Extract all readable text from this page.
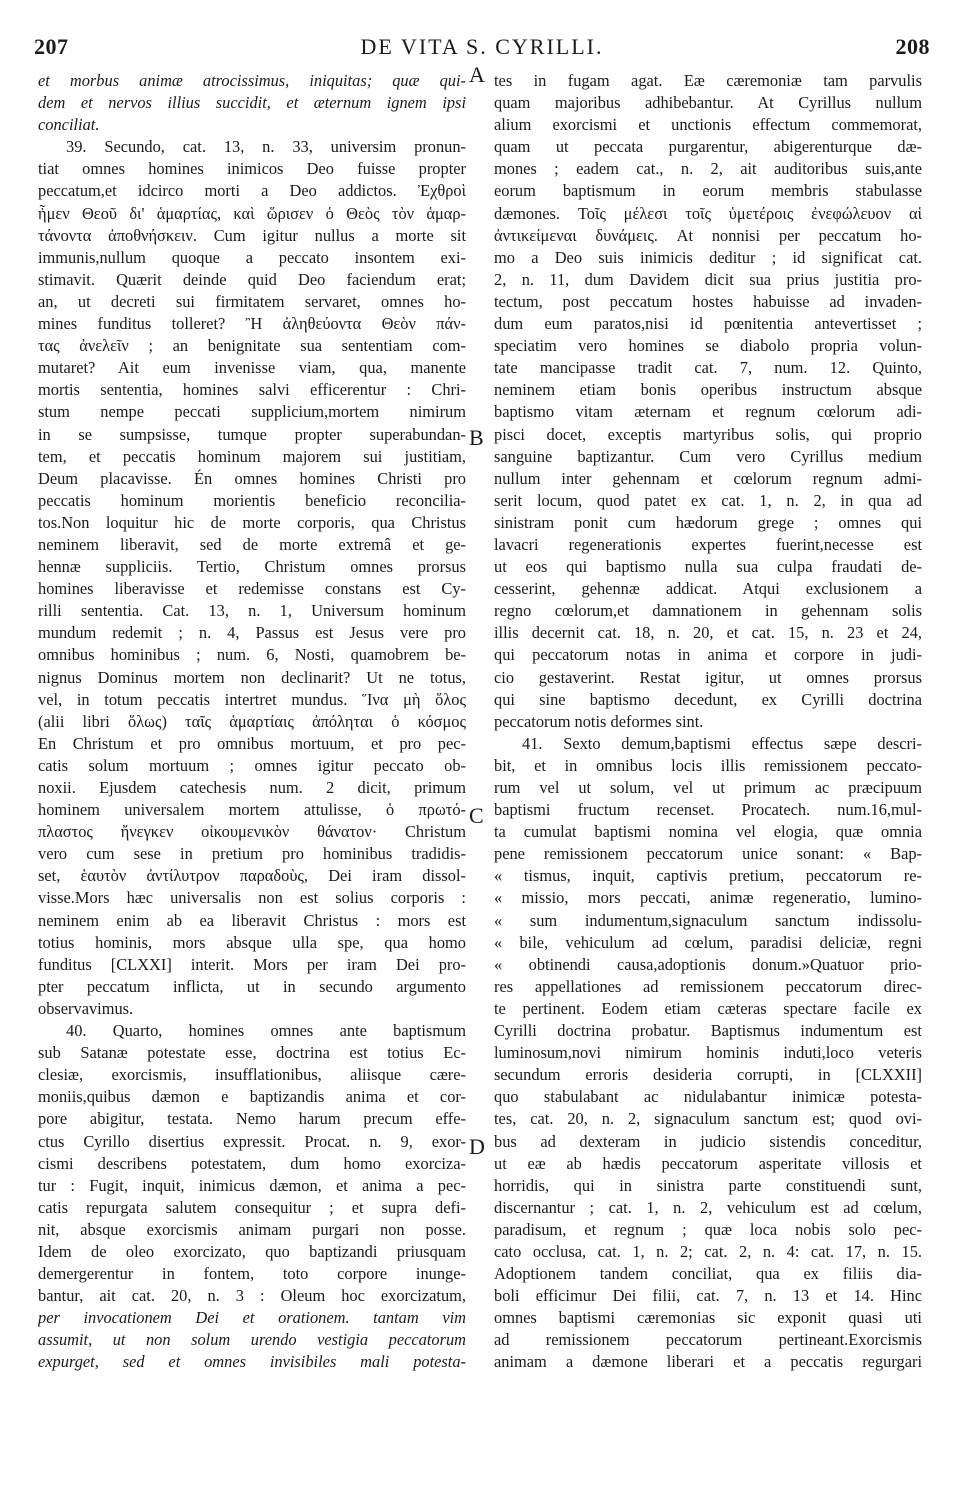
207	DE VITA S. CYRILLI.	208
A
B
C
D
et morbus animæ atrocissimus, iniquitas; quæ qui-
dem et nervos illius succidit, et æternum ignem ipsi
conciliat.
39. Secundo, cat. 13, n. 33, universim pronun-
tiat omnes homines inimicos Deo fuisse propter
peccatum,et idcirco morti a Deo addictos. Ἐχθροὶ
ἦμεν Θεοῦ δι' ἁμαρτίας, καὶ ὥρισεν ὁ Θεὸς τὸν ἁμαρ-
τάνοντα ἀποθνήσκειν. Cum igitur nullus a morte sit
immunis,nullum quoque a peccato insontem exi-
stimavit. Quærit deinde quid Deo faciendum erat;
an, ut decreti sui firmitatem servaret, omnes ho-
mines funditus tolleret? Ἢ ἀληθεύοντα Θεὸν πάν-
τας ἀνελεῖν ; an benignitate sua sententiam com-
mutaret? Ait eum invenisse viam, qua, manente
mortis sententia, homines salvi efficerentur : Chri-
stum nempe peccati supplicium,mortem nimirum
in se sumpsisse, tumque propter superabundan-
tem, et peccatis hominum majorem sui justitiam,
Deum placavisse. Én omnes homines Christi pro
peccatis hominum morientis beneficio reconcilia-
tos.Non loquitur hic de morte corporis, qua Christus
neminem liberavit, sed de morte extremâ et ge-
hennæ suppliciis. Tertio, Christum omnes prorsus
homines liberavisse et redemisse constans est Cy-
rilli sententia. Cat. 13, n. 1, Universum hominum
mundum redemit ; n. 4, Passus est Jesus vere pro
omnibus hominibus ; num. 6, Nosti, quamobrem be-
nignus Dominus mortem non declinarit? Ut ne totus,
vel, in totum peccatis intertret mundus. Ἵνα μὴ ὅλος
(alii libri ὅλως) ταῖς ἁμαρτίαις ἀπόληται ὁ κόσμος
En Christum et pro omnibus mortuum, et pro pec-
catis solum mortuum ; omnes igitur peccato ob-
noxii. Ejusdem catechesis num. 2 dicit, primum
hominem universalem mortem attulisse, ὁ πρωτό-
πλαστος ἤνεγκεν οἰκουμενικὸν θάνατον· Christum
vero cum sese in pretium pro hominibus tradidis-
set, ἑαυτὸν ἀντίλυτρον παραδοὺς, Dei iram dissol-
visse.Mors hæc universalis non est solius corporis :
neminem enim ab ea liberavit Christus : mors est
totius hominis, mors absque ulla spe, qua homo
funditus [CLXXI] interit. Mors per iram Dei pro-
pter peccatum inflicta, ut in secundo argumento
observavimus.
40. Quarto, homines omnes ante baptismum
sub Satanæ potestate esse, doctrina est totius Ec-
clesiæ, exorcismis, insufflationibus, aliisque cære-
moniis,quibus dæmon e baptizandis anima et cor-
pore abigitur, testata. Nemo harum precum effe-
ctus Cyrillo disertius expressit. Procat. n. 9, exor-
cismi describens potestatem, dum homo exorciza-
tur : Fugit, inquit, inimicus dæmon, et anima a pec-
catis repurgata salutem consequitur ; et supra defi-
nit, absque exorcismis animam purgari non posse.
Idem de oleo exorcizato, quo baptizandi priusquam
demergerentur in fontem, toto corpore inunge-
bantur, ait cat. 20, n. 3 : Oleum hoc exorcizatum,
per invocationem Dei et orationem. tantam vim
assumit, ut non solum urendo vestigia peccatorum
expurget, sed et omnes invisibiles mali potesta-
tes in fugam agat. Eæ cæremoniæ tam parvulis
quam majoribus adhibebantur. At Cyrillus nullum
alium exorcismi et unctionis effectum commemorat,
quam ut peccata purgarentur, abigerenturque dæ-
mones ; eadem cat., n. 2, ait auditoribus suis,ante
eorum baptismum in eorum membris stabulasse
dæmones. Τοῖς μέλεσι τοῖς ὑμετέροις ἐνεφώλευον αἱ
ἀντικείμεναι δυνάμεις. At nonnisi per peccatum ho-
mo a Deo suis inimicis deditur ; id significat cat.
2, n. 11, dum Davidem dicit sua prius justitia pro-
tectum, post peccatum hostes habuisse ad invaden-
dum eum paratos,nisi id pœnitentia antevertisset ;
speciatim vero homines se diabolo propria volun-
tate mancipasse tradit cat. 7, num. 12. Quinto,
neminem etiam bonis operibus instructum absque
baptismo vitam æternam et regnum cœlorum adi-
pisci docet, exceptis martyribus solis, qui proprio
sanguine baptizantur. Cum vero Cyrillus medium
nullum inter gehennam et cœlorum regnum admi-
serit locum, quod patet ex cat. 1, n. 2, in qua ad
sinistram ponit cum hædorum grege ; omnes qui
lavacri regenerationis expertes fuerint,necesse est
ut eos qui baptismo nulla sua culpa fraudati de-
cesserint, gehennæ addicat. Atqui exclusionem a
regno cœlorum,et damnationem in gehennam solis
illis decernit cat. 18, n. 20, et cat. 15, n. 23 et 24,
qui peccatorum notas in anima et corpore in judi-
cio gestaverint. Restat igitur, ut omnes prorsus
qui sine baptismo decedunt, ex Cyrilli doctrina
peccatorum notis deformes sint.
41. Sexto demum,baptismi effectus sæpe descri-
bit, et in omnibus locis illis remissionem peccato-
rum vel ut solum, vel ut primum ac præcipuum
baptismi fructum recenset. Procatech. num.16,mul-
ta cumulat baptismi nomina vel elogia, quæ omnia
pene remissionem peccatorum unice sonant: « Bap-
« tismus, inquit, captivis pretium, peccatorum re-
« missio, mors peccati, animæ regeneratio, lumino-
« sum indumentum,signaculum sanctum indissolu-
« bile, vehiculum ad cœlum, paradisi deliciæ, regni
« obtinendi causa,adoptionis donum.»Quatuor prio-
res appellationes ad remissionem peccatorum direc-
te pertinent. Eodem etiam cæteras spectare facile ex
Cyrilli doctrina probatur. Baptismus indumentum est
luminosum,novi nimirum hominis induti,loco veteris
secundum erroris desideria corrupti, in [CLXXII]
quo stabulabant ac nidulabantur inimicæ potesta-
tes, cat. 20, n. 2, signaculum sanctum est; quod ovi-
bus ad dexteram in judicio sistendis conceditur,
ut eæ ab hædis peccatorum asperitate villosis et
horridis, qui in sinistra parte constituendi sunt,
discernantur ; cat. 1, n. 2, vehiculum est ad cœlum,
paradisum, et regnum ; quæ loca nobis solo pec-
cato occlusa, cat. 1, n. 2; cat. 2, n. 4: cat. 17, n. 15.
Adoptionem tandem conciliat, qua ex filiis dia-
boli efficimur Dei filii, cat. 7, n. 13 et 14. Hinc
omnes baptismi cæremonias sic exponit quasi uti
ad remissionem peccatorum pertineant.Exorcismis
animam a dæmone liberari et a peccatis regurgari
